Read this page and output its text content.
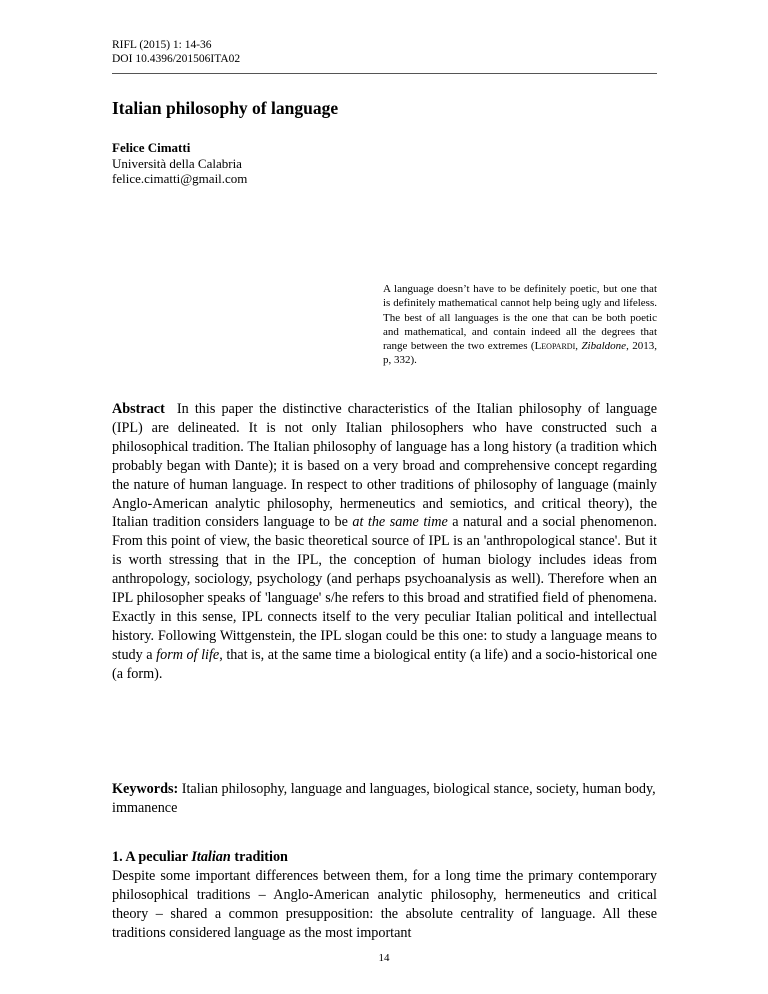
RIFL (2015) 1: 14-36
DOI 10.4396/201506ITA02
Italian philosophy of language
Felice Cimatti
Università della Calabria
felice.cimatti@gmail.com
A language doesn’t have to be definitely poetic, but one that is definitely mathematical cannot help being ugly and lifeless. The best of all languages is the one that can be both poetic and mathematical, and contain indeed all the degrees that range between the two extremes (Leopardi, Zibaldone, 2013, p, 332).

Abstract In this paper the distinctive characteristics of the Italian philosophy of language (IPL) are delineated. It is not only Italian philosophers who have constructed such a philosophical tradition. The Italian philosophy of language has a long history (a tradition which probably began with Dante); it is based on a very broad and comprehensive concept regarding the nature of human language. In respect to other traditions of philosophy of language (mainly Anglo-American analytic philosophy, hermeneutics and semiotics, and critical theory), the Italian tradition considers language to be at the same time a natural and a social phenomenon. From this point of view, the basic theoretical source of IPL is an 'anthropological stance'. But it is worth stressing that in the IPL, the conception of human biology includes ideas from anthropology, sociology, psychology (and perhaps psychoanalysis as well). Therefore when an IPL philosopher speaks of 'language' s/he refers to this broad and stratified field of phenomena. Exactly in this sense, IPL connects itself to the very peculiar Italian political and intellectual history. Following Wittgenstein, the IPL slogan could be this one: to study a language means to study a form of life, that is, at the same time a biological entity (a life) and a socio-historical one (a form).

Keywords: Italian philosophy, language and languages, biological stance, society, human body, immanence

1. A peculiar Italian tradition

Despite some important differences between them, for a long time the primary contemporary philosophical traditions – Anglo-American analytic philosophy, hermeneutics and critical theory – shared a common presupposition: the absolute centrality of language. All these traditions considered language as the most important

14
